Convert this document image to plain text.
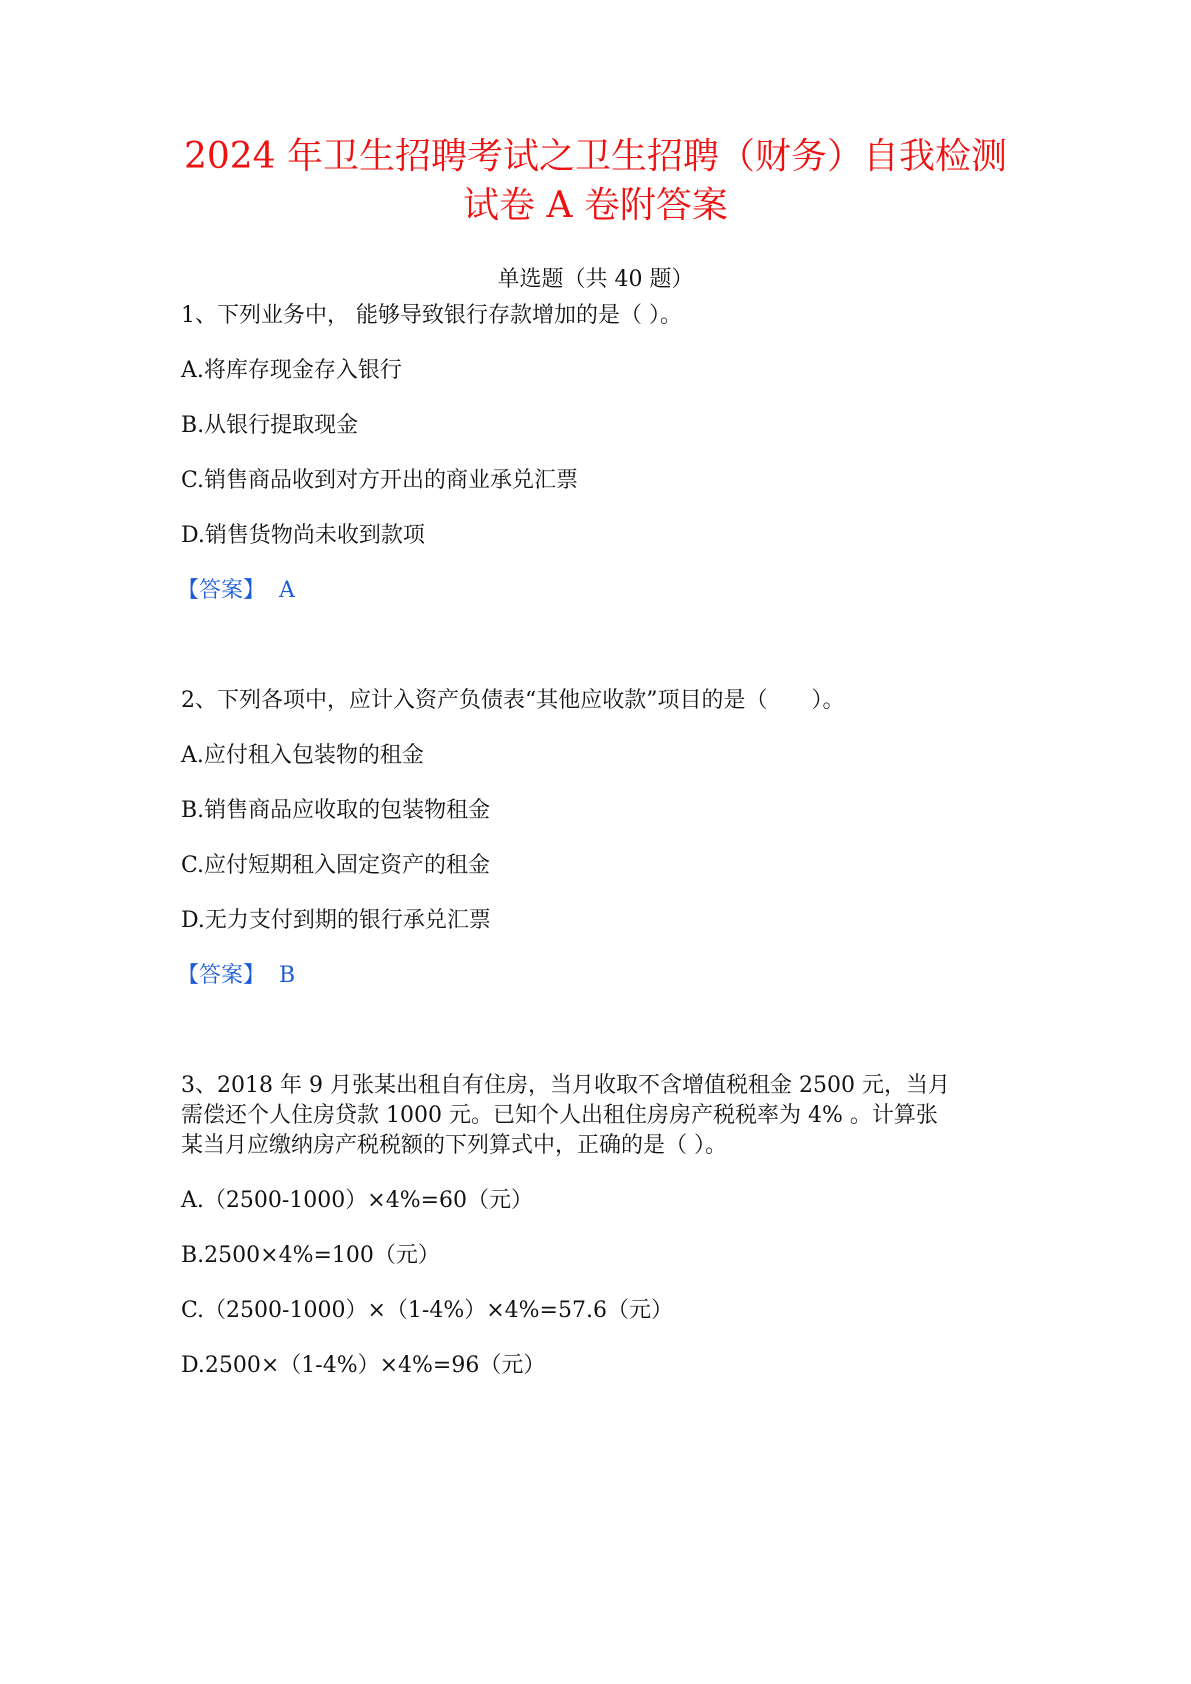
2024 年卫生招聘考试之卫生招聘（财务）自我检测
试卷 A 卷附答案
单选题（共 40 题）
1、下列业务中， 能够导致银行存款增加的是（ ）。
A.将库存现金存入银行
B.从银行提取现金
C.销售商品收到对方开出的商业承兑汇票
D.销售货物尚未收到款项
【答案】 A
2、下列各项中，应计入资产负债表“其他应收款”项目的是（　　）。
A.应付租入包装物的租金
B.销售商品应收取的包装物租金
C.应付短期租入固定资产的租金
D.无力支付到期的银行承兑汇票
【答案】 B
3、2018 年 9 月张某出租自有住房，当月收取不含增值税租金 2500 元，当月
需偿还个人住房贷款 1000 元。已知个人出租住房房产税税率为 4% 。计算张
某当月应缴纳房产税税额的下列算式中，正确的是（ ）。
A.（2500-1000）×4%=60（元）
B.2500×4%=100（元）
C.（2500-1000）×（1-4%）×4%=57.6（元）
D.2500×（1-4%）×4%=96（元）
